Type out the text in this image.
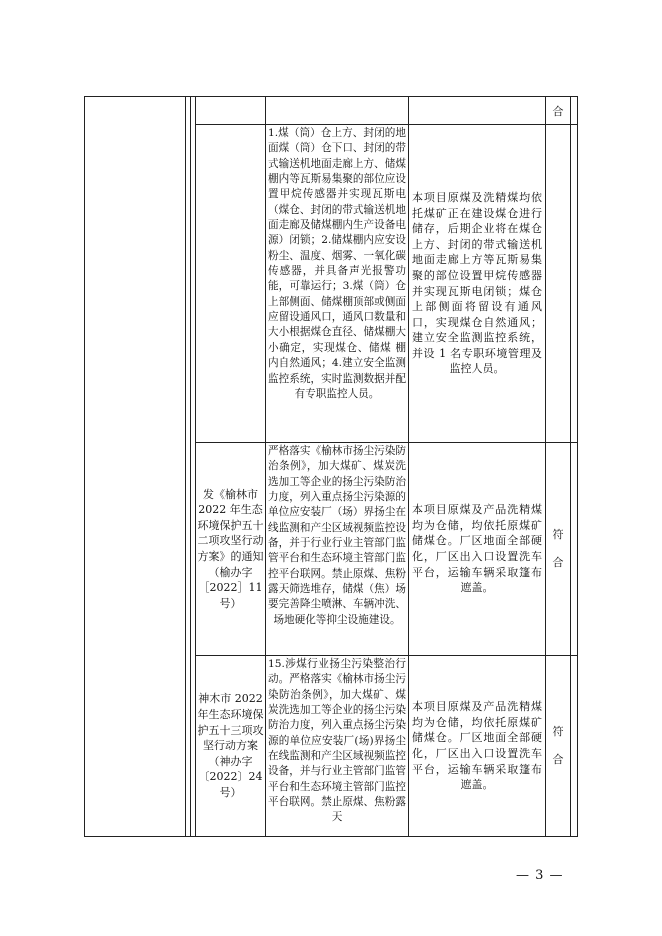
合
1.煤（筒）仓上方、封闭的地面煤（筒）仓下口、封闭的带式输送机地面走廊上方、储煤棚内等瓦斯易集聚的部位应设置甲烷传感器并实现瓦斯电（煤仓、封闭的带式输送机地面走廊及储煤棚内生产设备电源）闭锁；2.储煤棚内应安设粉尘、温度、烟雾、一氧化碳传感器，并具备声光报警功能，可靠运行；3.煤（筒）仓上部侧面、储煤棚顶部或侧面应留设通风口，通风口数量和大小根据煤仓直径、储煤棚大小确定，实现煤仓、储煤 棚内自然通风；4.建立安全监测监控系统，实时监测数据并配有专职监控人员。
本项目原煤及洗精煤均依托煤矿正在建设煤仓进行储存，后期企业将在煤仓上方、封闭的带式输送机地面走廊上方等瓦斯易集聚的部位设置甲烷传感器并实现瓦斯电闭锁；煤仓上部侧面将留设有通风口，实现煤仓自然通风；建立安全监测监控系统，并设 1 名专职环境管理及监控人员。
发《榆林市2022 年生态环境保护五十二项攻坚行动方案》的通知（榆办字［2022］11 号）
严格落实《榆林市扬尘污染防治条例》，加大煤矿、煤炭洗选加工等企业的扬尘污染防治力度，列入重点扬尘污染源的单位应安装厂（场）界扬尘在线监测和产尘区域视频监控设备，并于行业行业主管部门监管平台和生态环境主管部门监控平台联网。禁止原煤、焦粉露天筛选堆存，储煤（焦）场要完善降尘喷淋、车辆冲洗、场地硬化等抑尘设施建设。
本项目原煤及产品洗精煤均为仓储，均依托原煤矿储煤仓。厂区地面全部硬化，厂区出入口设置洗车平台，运输车辆采取篷布遮盖。
符合
神木市 2022 年生态环境保护五十三项攻坚行动方案（神办字〔2022〕24 号）
15.涉煤行业扬尘污染整治行动。严格落实《榆林市扬尘污染防治条例》，加大煤矿、煤炭洗选加工等企业的扬尘污染防治力度，列入重点扬尘污染源的单位应安装厂(场)界扬尘在线监测和产尘区域视频监控设备，并与行业主管部门监管平台和生态环境主管部门监控平台联网。禁止原煤、焦粉露天
本项目原煤及产品洗精煤均为仓储，均依托原煤矿储煤仓。厂区地面全部硬化，厂区出入口设置洗车平台，运输车辆采取篷布遮盖。
符合
— 3 —
